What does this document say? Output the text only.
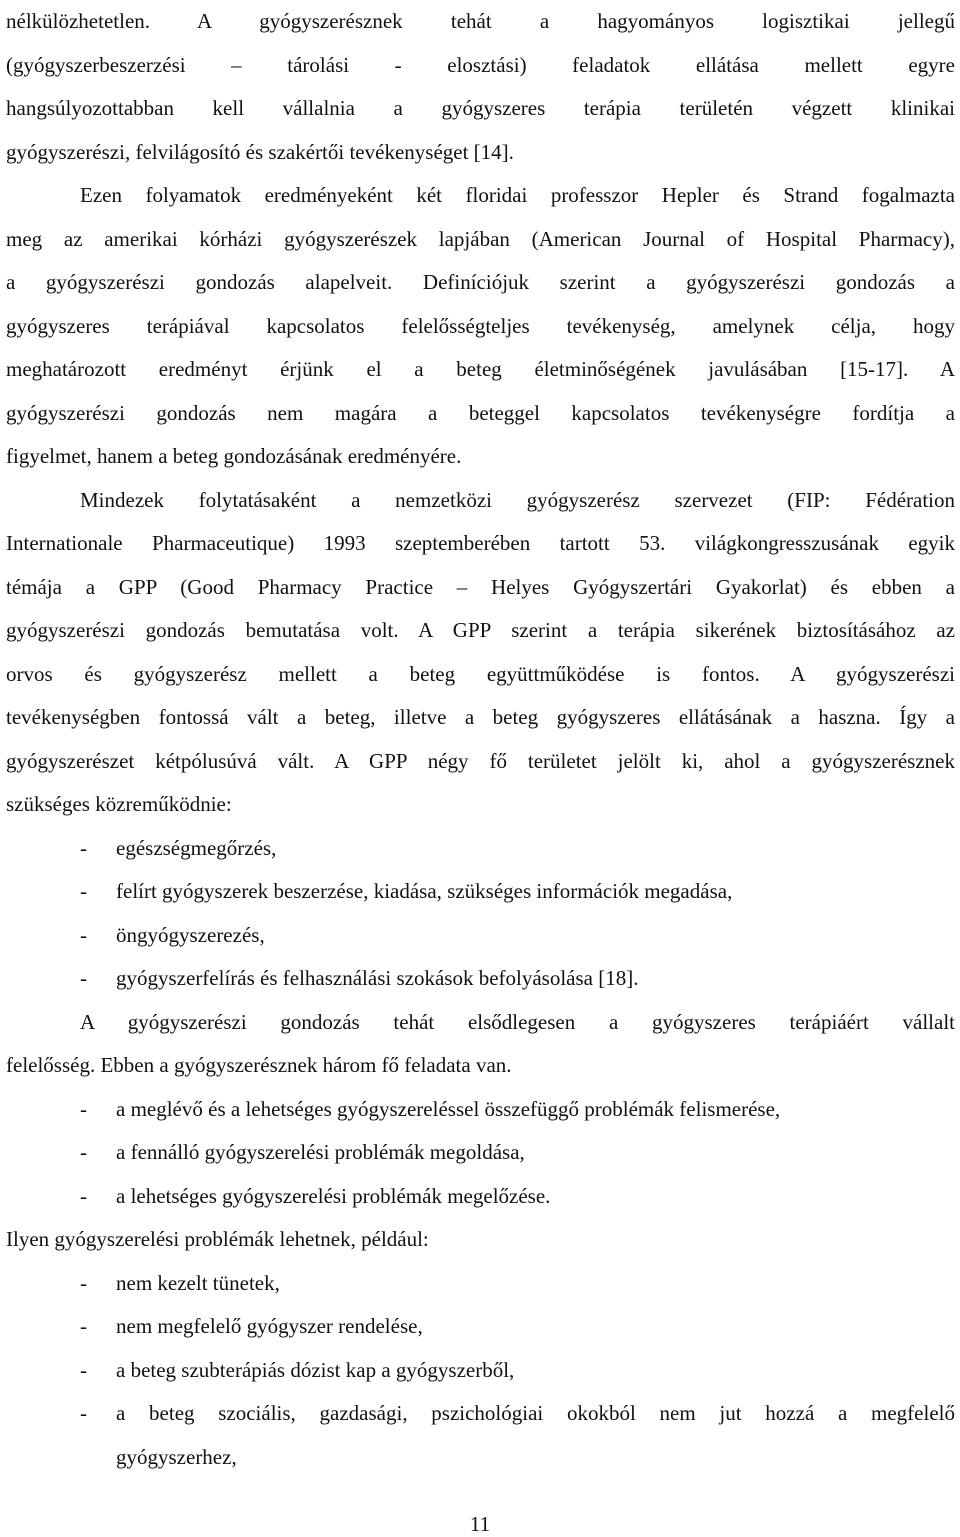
nélkülözhetetlen. A gyógyszerésznek tehát a hagyományos logisztikai jellegű
(gyógyszerbeszerzési – tárolási - elosztási) feladatok ellátása mellett egyre
hangsúlyozottabban kell vállalnia a gyógyszeres terápia területén végzett klinikai
gyógyszerészi, felvilágosító és szakértői tevékenységet [14].
Ezen folyamatok eredményeként két floridai professzor Hepler és Strand fogalmazta
meg az amerikai kórházi gyógyszerészek lapjában (American Journal of Hospital Pharmacy),
a gyógyszerészi gondozás alapelveit. Definíciójuk szerint a gyógyszerészi gondozás a
gyógyszeres terápiával kapcsolatos felelősségteljes tevékenység, amelynek célja, hogy
meghatározott eredményt érjünk el a beteg életminőségének javulásában [15-17]. A
gyógyszerészi gondozás nem magára a beteggel kapcsolatos tevékenységre fordítja a
figyelmet, hanem a beteg gondozásának eredményére.
Mindezek folytatásaként a nemzetközi gyógyszerész szervezet (FIP: Fédération
Internationale Pharmaceutique) 1993 szeptemberében tartott 53. világkongresszusának egyik
témája a GPP (Good Pharmacy Practice – Helyes Gyógyszertári Gyakorlat) és ebben a
gyógyszerészi gondozás bemutatása volt. A GPP szerint a terápia sikerének biztosításához az
orvos és gyógyszerész mellett a beteg együttműködése is fontos. A gyógyszerészi
tevékenységben fontossá vált a beteg, illetve a beteg gyógyszeres ellátásának a haszna. Így a
gyógyszerészet kétpólusúvá vált. A GPP négy fő területet jelölt ki, ahol a gyógyszerésznek
szükséges közreműködnie:
-	egészségmegőrzés,
-	felírt gyógyszerek beszerzése, kiadása, szükséges információk megadása,
-	öngyógyszerezés,
-	gyógyszerfelírás és felhasználási szokások befolyásolása [18].
A gyógyszerészi gondozás tehát elsődlegesen a gyógyszeres terápiáért vállalt
felelősség. Ebben a gyógyszerésznek három fő feladata van.
-	a meglévő és a lehetséges gyógyszereléssel összefüggő problémák felismerése,
-	a fennálló gyógyszerelési problémák megoldása,
-	a lehetséges gyógyszerelési problémák megelőzése.
Ilyen gyógyszerelési problémák lehetnek, például:
-	nem kezelt tünetek,
-	nem megfelelő gyógyszer rendelése,
-	a beteg szubterápiás dózist kap a gyógyszerből,
-	a beteg szociális, gazdasági, pszichológiai okokból nem jut hozzá a megfelelő
gyógyszerhez,
11
